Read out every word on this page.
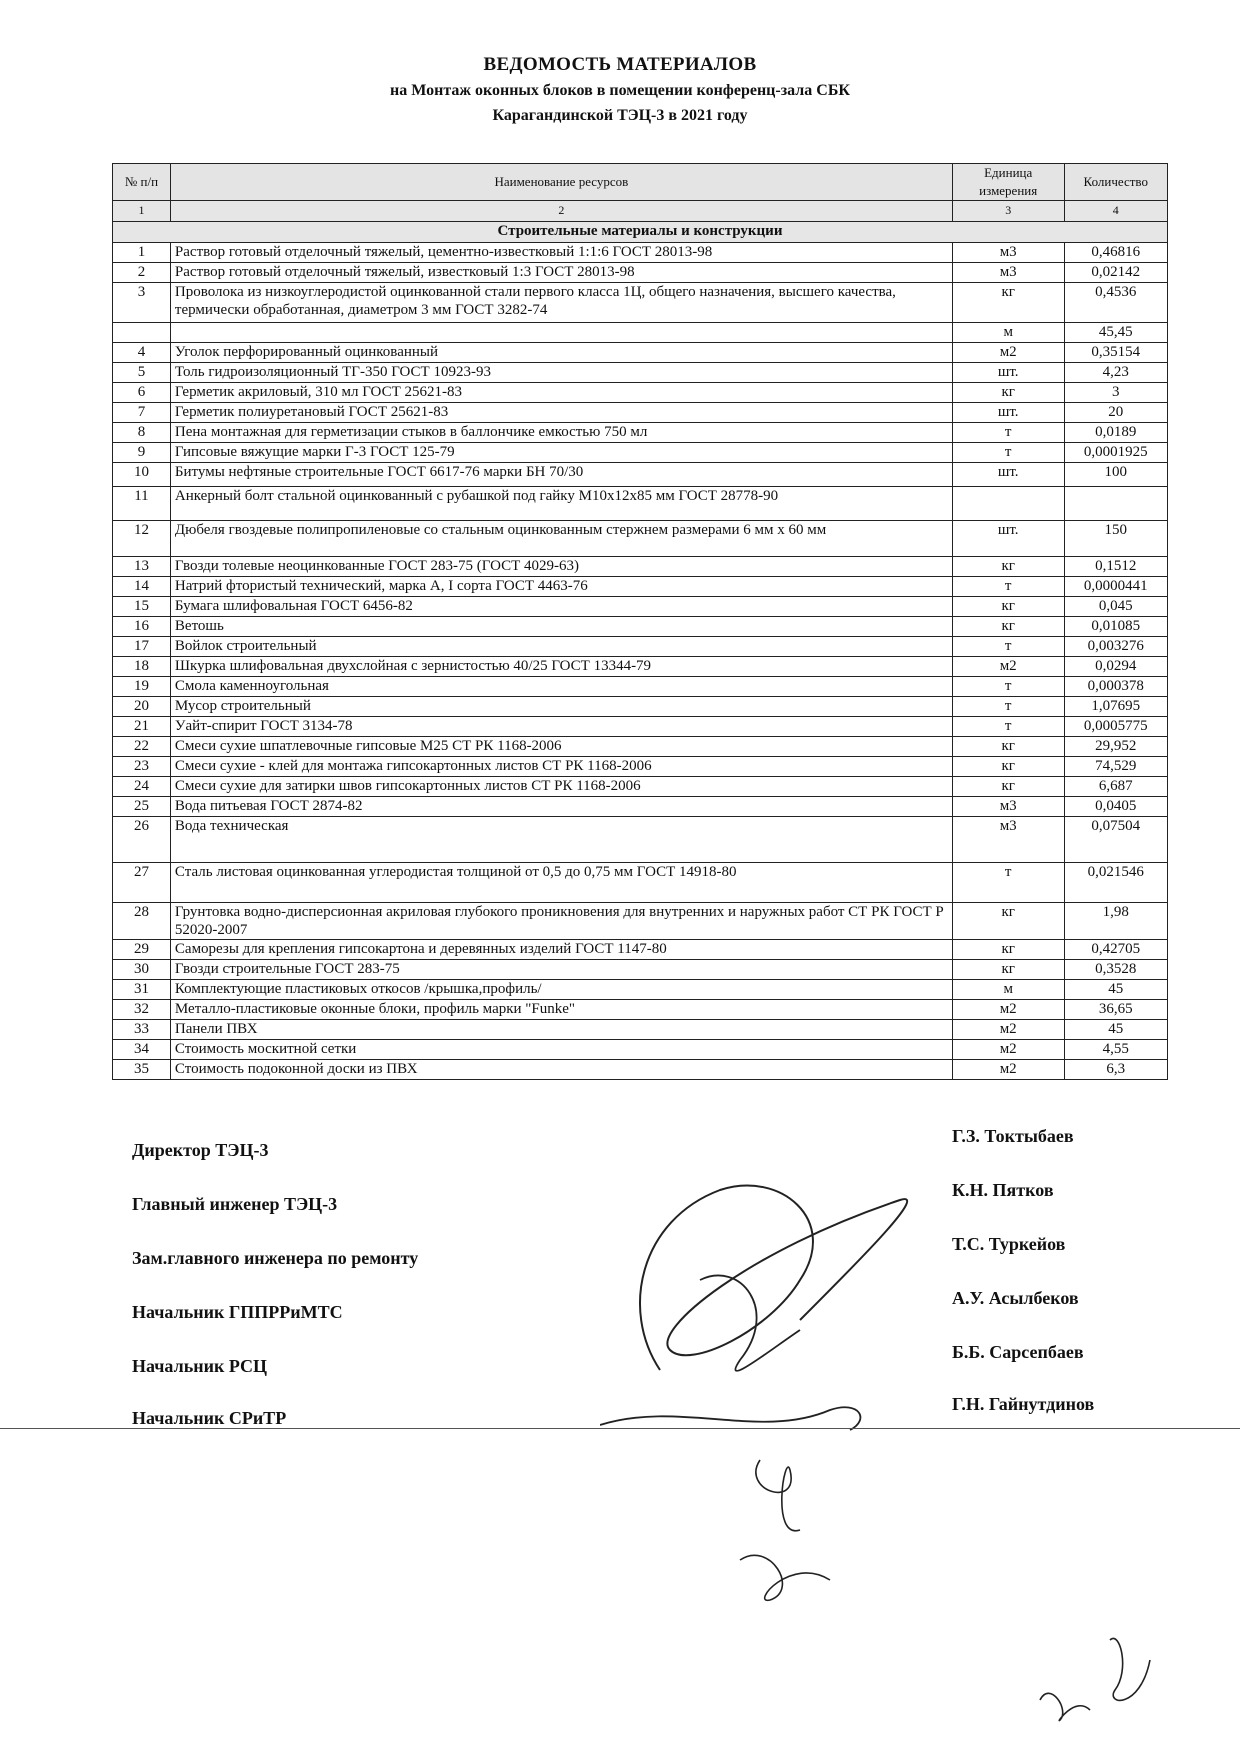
ВЕДОМОСТЬ МАТЕРИАЛОВ
на Монтаж оконных блоков в помещении конференц-зала СБК
Карагандинской ТЭЦ-3 в 2021 году
№ п/п	Наименование ресурсов	Единица измерения	Количество
1	2	3	4
Строительные материалы и конструкции			
1	Раствор готовый отделочный тяжелый, цементно-известковый 1:1:6 ГОСТ 28013-98	м3	0,46816
2	Раствор готовый отделочный тяжелый, известковый 1:3 ГОСТ 28013-98	м3	0,02142
3	Проволока из низкоуглеродистой оцинкованной стали первого класса 1Ц, общего назначения, высшего качества, термически обработанная, диаметром 3 мм ГОСТ 3282-74	кг	0,4536
		м	45,45
4	Уголок перфорированный оцинкованный	м2	0,35154
5	Толь гидроизоляционный ТГ-350 ГОСТ 10923-93	шт.	4,23
6	Герметик акриловый, 310 мл ГОСТ 25621-83	кг	3
7	Герметик полиуретановый ГОСТ 25621-83	шт.	20
8	Пена монтажная для герметизации стыков в баллончике емкостью 750 мл	т	0,0189
9	Гипсовые вяжущие марки Г-3 ГОСТ 125-79	т	0,0001925
10	Битумы нефтяные строительные ГОСТ 6617-76 марки БН 70/30	шт.	100
11	Анкерный болт стальной оцинкованный с рубашкой под гайку М10х12х85 мм ГОСТ 28778-90		
12	Дюбеля гвоздевые полипропиленовые со стальным оцинкованным стержнем размерами 6 мм х 60 мм	шт.	150
13	Гвозди толевые неоцинкованные ГОСТ 283-75 (ГОСТ 4029-63)	кг	0,1512
14	Натрий фтористый технический, марка А, I сорта ГОСТ 4463-76	т	0,0000441
15	Бумага шлифовальная ГОСТ 6456-82	кг	0,045
16	Ветошь	кг	0,01085
17	Войлок строительный	т	0,003276
18	Шкурка шлифовальная двухслойная с зернистостью 40/25 ГОСТ 13344-79	м2	0,0294
19	Смола каменноугольная	т	0,000378
20	Мусор строительный	т	1,07695
21	Уайт-спирит ГОСТ 3134-78	т	0,0005775
22	Смеси сухие шпатлевочные гипсовые М25 СТ РК 1168-2006	кг	29,952
23	Смеси сухие - клей для монтажа гипсокартонных листов СТ РК 1168-2006	кг	74,529
24	Смеси сухие для затирки швов гипсокартонных листов СТ РК 1168-2006	кг	6,687
25	Вода питьевая ГОСТ 2874-82	м3	0,0405
26	Вода техническая	м3	0,07504
27	Сталь листовая оцинкованная углеродистая толщиной от 0,5 до 0,75 мм ГОСТ 14918-80	т	0,021546
28	Грунтовка водно-дисперсионная акриловая глубокого проникновения для внутренних и наружных работ СТ РК ГОСТ Р 52020-2007	кг	1,98
29	Саморезы для крепления гипсокартона и деревянных изделий ГОСТ 1147-80	кг	0,42705
30	Гвозди строительные ГОСТ 283-75	кг	0,3528
31	Комплектующие пластиковых откосов /крышка,профиль/	м	45
32	Металло-пластиковые оконные блоки, профиль марки "Funke"	м2	36,65
33	Панели ПВХ	м2	45
34	Стоимость москитной сетки	м2	4,55
35	Стоимость подоконной доски из ПВХ	м2	6,3
Директор ТЭЦ-3
Главный инженер ТЭЦ-3
Зам.главного инженера по ремонту
Начальник ГППРРиМТС
Начальник РСЦ
Начальник СРиТР
Г.З. Токтыбаев
К.Н. Пятков
Т.С. Туркейов
А.У. Асылбеков
Б.Б. Сарсепбаев
Г.Н. Гайнутдинов
